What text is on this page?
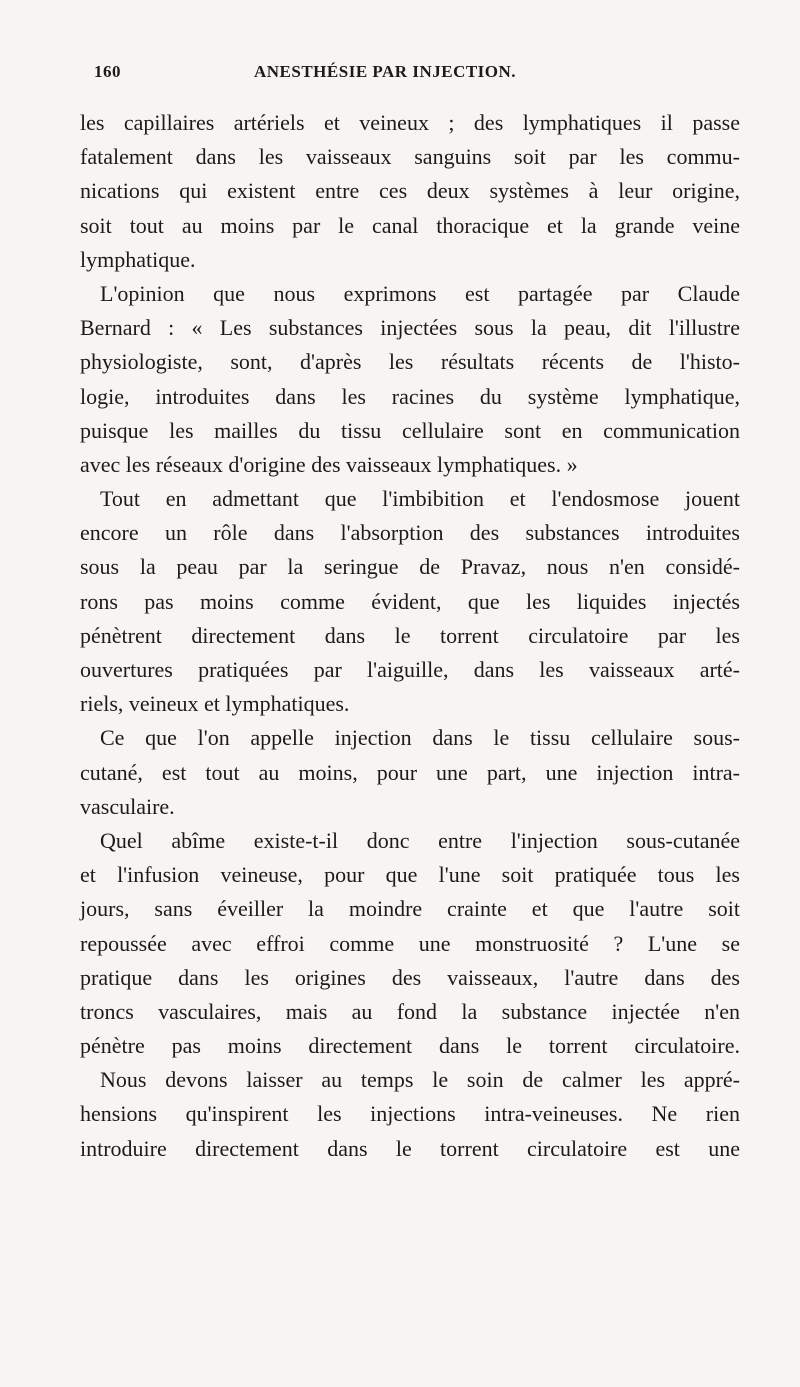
160	ANESTHÉSIE PAR INJECTION.
les capillaires artériels et veineux ; des lymphatiques il passe
fatalement dans les vaisseaux sanguins soit par les commu-
nications qui existent entre ces deux systèmes à leur origine,
soit tout au moins par le canal thoracique et la grande veine
lymphatique.
L'opinion que nous exprimons est partagée par Claude
Bernard : « Les substances injectées sous la peau, dit l'illustre
physiologiste, sont, d'après les résultats récents de l'histo-
logie, introduites dans les racines du système lymphatique,
puisque les mailles du tissu cellulaire sont en communication
avec les réseaux d'origine des vaisseaux lymphatiques. »
Tout en admettant que l'imbibition et l'endosmose jouent
encore un rôle dans l'absorption des substances introduites
sous la peau par la seringue de Pravaz, nous n'en considé-
rons pas moins comme évident, que les liquides injectés
pénètrent directement dans le torrent circulatoire par les
ouvertures pratiquées par l'aiguille, dans les vaisseaux arté-
riels, veineux et lymphatiques.
Ce que l'on appelle injection dans le tissu cellulaire sous-
cutané, est tout au moins, pour une part, une injection intra-
vasculaire.
Quel abîme existe-t-il donc entre l'injection sous-cutanée
et l'infusion veineuse, pour que l'une soit pratiquée tous les
jours, sans éveiller la moindre crainte et que l'autre soit
repoussée avec effroi comme une monstruosité ? L'une se
pratique dans les origines des vaisseaux, l'autre dans des
troncs vasculaires, mais au fond la substance injectée n'en
pénètre pas moins directement dans le torrent circulatoire.
Nous devons laisser au temps le soin de calmer les appré-
hensions qu'inspirent les injections intra-veineuses. Ne rien
introduire directement dans le torrent circulatoire est une
